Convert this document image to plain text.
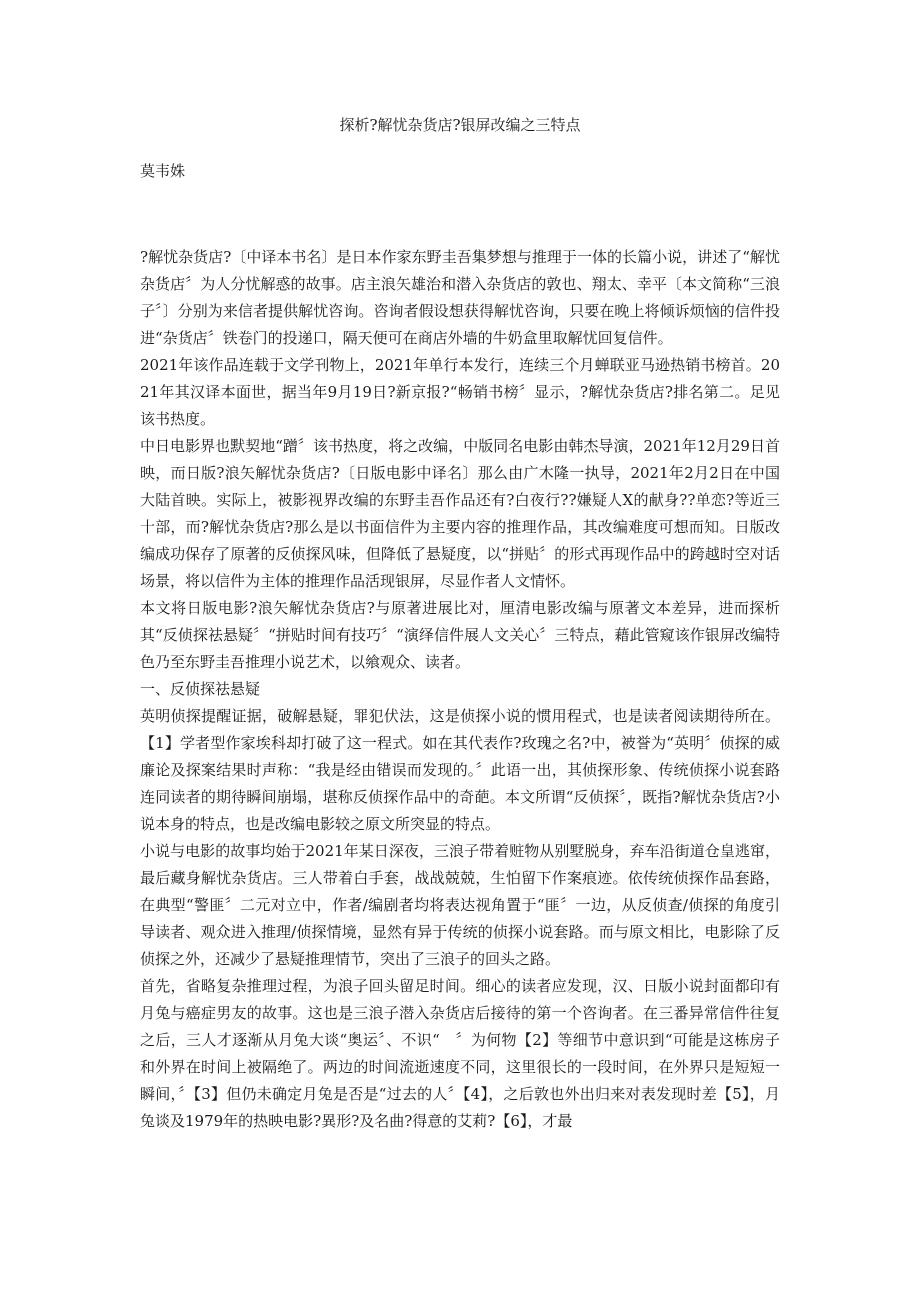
探析?解忧杂货店?银屏改编之三特点

莫韦姝

?解忧杂货店?〔中译本书名〕是日本作家东野圭吾集梦想与推理于一体的长篇小说，讲述了“解忧杂货店〞为人分忧解惑的故事。店主浪矢雄治和潜入杂货店的敦也、翔太、幸平〔本文简称“三浪子〞〕分别为来信者提供解忧咨询。咨询者假设想获得解忧咨询，只要在晚上将倾诉烦恼的信件投进“杂货店〞铁卷门的投递口，隔天便可在商店外墙的牛奶盒里取解忧回复信件。

2021年该作品连载于文学刊物上，2021年单行本发行，连续三个月蝉联亚马逊热销书榜首。2021年其汉译本面世，据当年9月19日?新京报?“畅销书榜〞显示，?解忧杂货店?排名第二。足见该书热度。

中日电影界也默契地“蹭〞该书热度，将之改编，中版同名电影由韩杰导演，2021年12月29日首映，而日版?浪矢解忧杂货店?〔日版电影中译名〕那么由广木隆一执导，2021年2月2日在中国大陆首映。实际上，被影视界改编的东野圭吾作品还有?白夜行??嫌疑人X的献身??单恋?等近三十部，而?解忧杂货店?那么是以书面信件为主要内容的推理作品，其改编难度可想而知。日版改编成功保存了原著的反侦探风味，但降低了悬疑度，以“拼贴〞的形式再现作品中的跨越时空对话场景，将以信件为主体的推理作品活现银屏，尽显作者人文情怀。

本文将日版电影?浪矢解忧杂货店?与原著进展比对，厘清电影改编与原著文本差异，进而探析其“反侦探祛悬疑〞“拼贴时间有技巧〞“演绎信件展人文关心〞三特点，藉此管窥该作银屏改编特色乃至东野圭吾推理小说艺术，以飨观众、读者。

一、反侦探祛悬疑

英明侦探提醒证据，破解悬疑，罪犯伏法，这是侦探小说的惯用程式，也是读者阅读期待所在。【1】学者型作家埃科却打破了这一程式。如在其代表作?玫瑰之名?中，被誉为“英明〞侦探的威廉论及探案结果时声称：“我是经由错误而发现的。〞此语一出，其侦探形象、传统侦探小说套路连同读者的期待瞬间崩塌，堪称反侦探作品中的奇葩。本文所谓“反侦探〞，既指?解忧杂货店?小说本身的特点，也是改编电影较之原文所突显的特点。

小说与电影的故事均始于2021年某日深夜，三浪子带着赃物从别墅脱身，弃车沿街道仓皇逃窜，最后藏身解忧杂货店。三人带着白手套，战战兢兢，生怕留下作案痕迹。依传统侦探作品套路，在典型“警匪〞二元对立中，作者/编剧者均将表达视角置于“匪〞一边，从反侦查/侦探的角度引导读者、观众进入推理/侦探情境，显然有异于传统的侦探小说套路。而与原文相比，电影除了反侦探之外，还减少了悬疑推理情节，突出了三浪子的回头之路。

首先，省略复杂推理过程，为浪子回头留足时间。细心的读者应发现，汉、日版小说封面都印有月兔与癌症男友的故事。这也是三浪子潜入杂货店后接待的第一个咨询者。在三番异常信件往复之后，三人才逐渐从月兔大谈“奥运〞、不识“　〞为何物【2】等细节中意识到“可能是这栋房子和外界在时间上被隔绝了。两边的时间流逝速度不同，这里很长的一段时间，在外界只是短短一瞬间，〞【3】但仍未确定月兔是否是“过去的人〞【4】，之后敦也外出归来对表发现时差【5】，月兔谈及1979年的热映电影?異形?及名曲?得意的艾莉?【6】，才最
